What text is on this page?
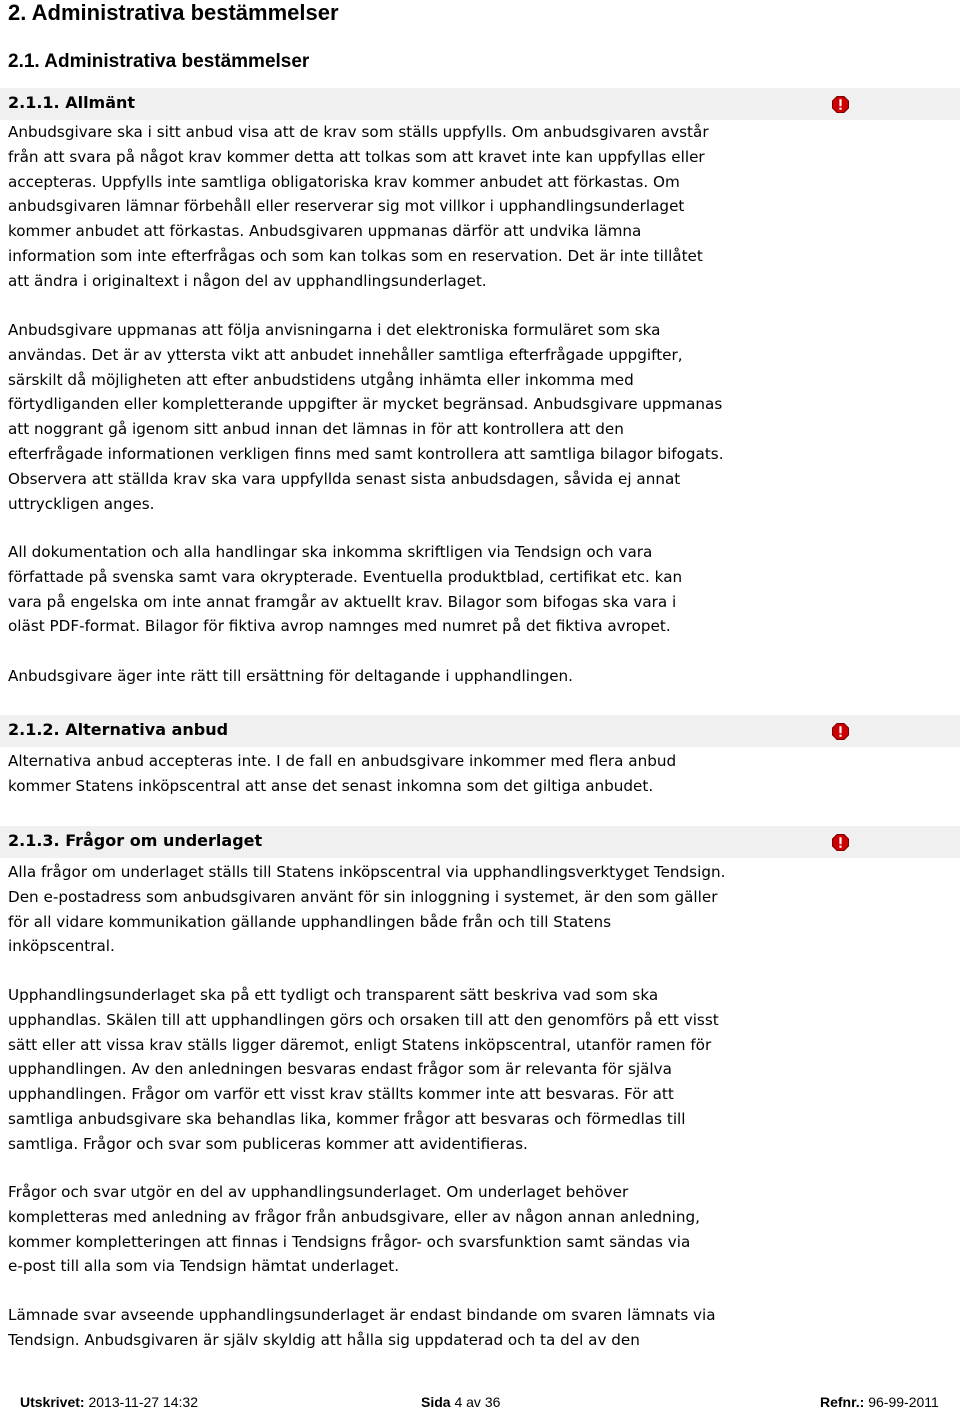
2. Administrativa bestämmelser
2.1. Administrativa bestämmelser
2.1.1. Allmänt
Anbudsgivare ska i sitt anbud visa att de krav som ställs uppfylls. Om anbudsgivaren avstår
från att svara på något krav kommer detta att tolkas som att kravet inte kan uppfyllas eller
accepteras. Uppfylls inte samtliga obligatoriska krav kommer anbudet att förkastas. Om
anbudsgivaren lämnar förbehåll eller reserverar sig mot villkor i upphandlingsunderlaget
kommer anbudet att förkastas. Anbudsgivaren uppmanas därför att undvika lämna
information som inte efterfrågas och som kan tolkas som en reservation. Det är inte tillåtet
att ändra i originaltext i någon del av upphandlingsunderlaget.
Anbudsgivare uppmanas att följa anvisningarna i det elektroniska formuläret som ska
användas. Det är av yttersta vikt att anbudet innehåller samtliga efterfrågade uppgifter,
särskilt då möjligheten att efter anbudstidens utgång inhämta eller inkomma med
förtydliganden eller kompletterande uppgifter är mycket begränsad. Anbudsgivare uppmanas
att noggrant gå igenom sitt anbud innan det lämnas in för att kontrollera att den
efterfrågade informationen verkligen finns med samt kontrollera att samtliga bilagor bifogats.
Observera att ställda krav ska vara uppfyllda senast sista anbudsdagen, såvida ej annat
uttryckligen anges.
All dokumentation och alla handlingar ska inkomma skriftligen via Tendsign och vara
författade på svenska samt vara okrypterade. Eventuella produktblad, certifikat etc. kan
vara på engelska om inte annat framgår av aktuellt krav. Bilagor som bifogas ska vara i
oläst PDF-format. Bilagor för fiktiva avrop namnges med numret på det fiktiva avropet.
Anbudsgivare äger inte rätt till ersättning för deltagande i upphandlingen.
2.1.2. Alternativa anbud
Alternativa anbud accepteras inte. I de fall en anbudsgivare inkommer med flera anbud
kommer Statens inköpscentral att anse det senast inkomna som det giltiga anbudet.
2.1.3. Frågor om underlaget
Alla frågor om underlaget ställs till Statens inköpscentral via upphandlingsverktyget Tendsign.
Den e-postadress som anbudsgivaren använt för sin inloggning i systemet, är den som gäller
för all vidare kommunikation gällande upphandlingen både från och till Statens
inköpscentral.
Upphandlingsunderlaget ska på ett tydligt och transparent sätt beskriva vad som ska
upphandlas. Skälen till att upphandlingen görs och orsaken till att den genomförs på ett visst
sätt eller att vissa krav ställs ligger däremot, enligt Statens inköpscentral, utanför ramen för
upphandlingen. Av den anledningen besvaras endast frågor som är relevanta för själva
upphandlingen. Frågor om varför ett visst krav ställts kommer inte att besvaras. För att
samtliga anbudsgivare ska behandlas lika, kommer frågor att besvaras och förmedlas till
samtliga. Frågor och svar som publiceras kommer att avidentifieras.
Frågor och svar utgör en del av upphandlingsunderlaget. Om underlaget behöver
kompletteras med anledning av frågor från anbudsgivare, eller av någon annan anledning,
kommer kompletteringen att finnas i Tendsigns frågor- och svarsfunktion samt sändas via
e-post till alla som via Tendsign hämtat underlaget.
Lämnade svar avseende upphandlingsunderlaget är endast bindande om svaren lämnats via
Tendsign. Anbudsgivaren är själv skyldig att hålla sig uppdaterad och ta del av den
Utskrivet: 2013-11-27 14:32	Sida 4 av 36	Refnr.: 96-99-2011
